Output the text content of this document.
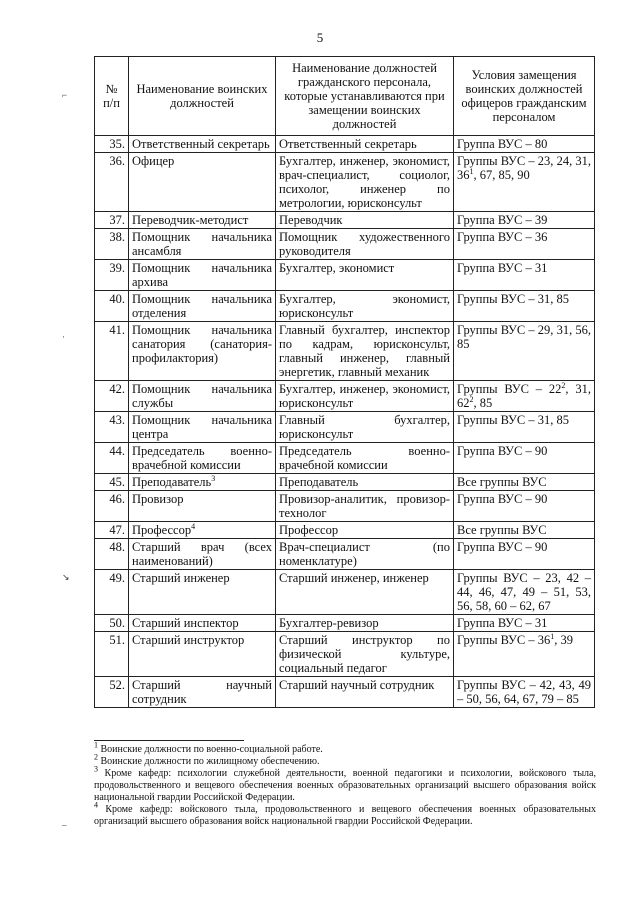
5
№
п/п	Наименование воинских должностей	Наименование должностей гражданского персонала, которые устанавливаются при замещении воинских должностей	Условия замещения воинских должностей офицеров гражданским персоналом
35.	Ответственный секретарь	Ответственный секретарь	Группа ВУС – 80
36.	Офицер	Бухгалтер, инженер, экономист, врач-специалист, социолог, психолог, инженер по метрологии, юрисконсульт	Группы ВУС – 23, 24, 31, $36^1$, 67, 85, 90
37.	Переводчик-методист	Переводчик	Группа ВУС – 39
38.	Помощник начальника ансамбля	Помощник художественного руководителя	Группа ВУС – 36
39.	Помощник начальника архива	Бухгалтер, экономист	Группа ВУС – 31
40.	Помощник начальника отделения	Бухгалтер, экономист, юрисконсульт	Группы ВУС – 31, 85
41.	Помощник начальника санатория (санатория-профилактория)	Главный бухгалтер, инспектор по кадрам, юрисконсульт, главный инженер, главный энергетик, главный механик	Группы ВУС – 29, 31, 56, 85
42.	Помощник начальника службы	Бухгалтер, инженер, экономист, юрисконсульт	Группы ВУС – $22^2$, 31, $62^2$, 85
43.	Помощник начальника центра	Главный бухгалтер, юрисконсульт	Группы ВУС – 31, 85
44.	Председатель военно-врачебной комиссии	Председатель военно-врачебной комиссии	Группа ВУС – 90
45.	Преподаватель$^3$	Преподаватель	Все группы ВУС
46.	Провизор	Провизор-аналитик, провизор-технолог	Группа ВУС – 90
47.	Профессор$^4$	Профессор	Все группы ВУС
48.	Старший врач (всех наименований)	Врач-специалист (по номенклатуре)	Группа ВУС – 90
49.	Старший инженер	Старший инженер, инженер	Группы ВУС – 23, 42 – 44, 46, 47, 49 – 51, 53, 56, 58, 60 – 62, 67
50.	Старший инспектор	Бухгалтер-ревизор	Группа ВУС – 31
51.	Старший инструктор	Старший инструктор по физической культуре, социальный педагог	Группы ВУС – $36^1$, 39
52.	Старший научный сотрудник	Старший научный сотрудник	Группы ВУС – 42, 43, 49 – 50, 56, 64, 67, 79 – 85
$^1$ Воинские должности по военно-социальной работе.
$^2$ Воинские должности по жилищному обеспечению.
$^3$ Кроме кафедр: психологии служебной деятельности, военной педагогики и психологии, войскового тыла, продовольственного и вещевого обеспечения военных образовательных организаций высшего образования войск национальной гвардии Российской Федерации.
$^4$ Кроме кафедр: войскового тыла, продовольственного и вещевого обеспечения военных образовательных организаций высшего образования войск национальной гвардии Российской Федерации.
⌐
·
↘
–
